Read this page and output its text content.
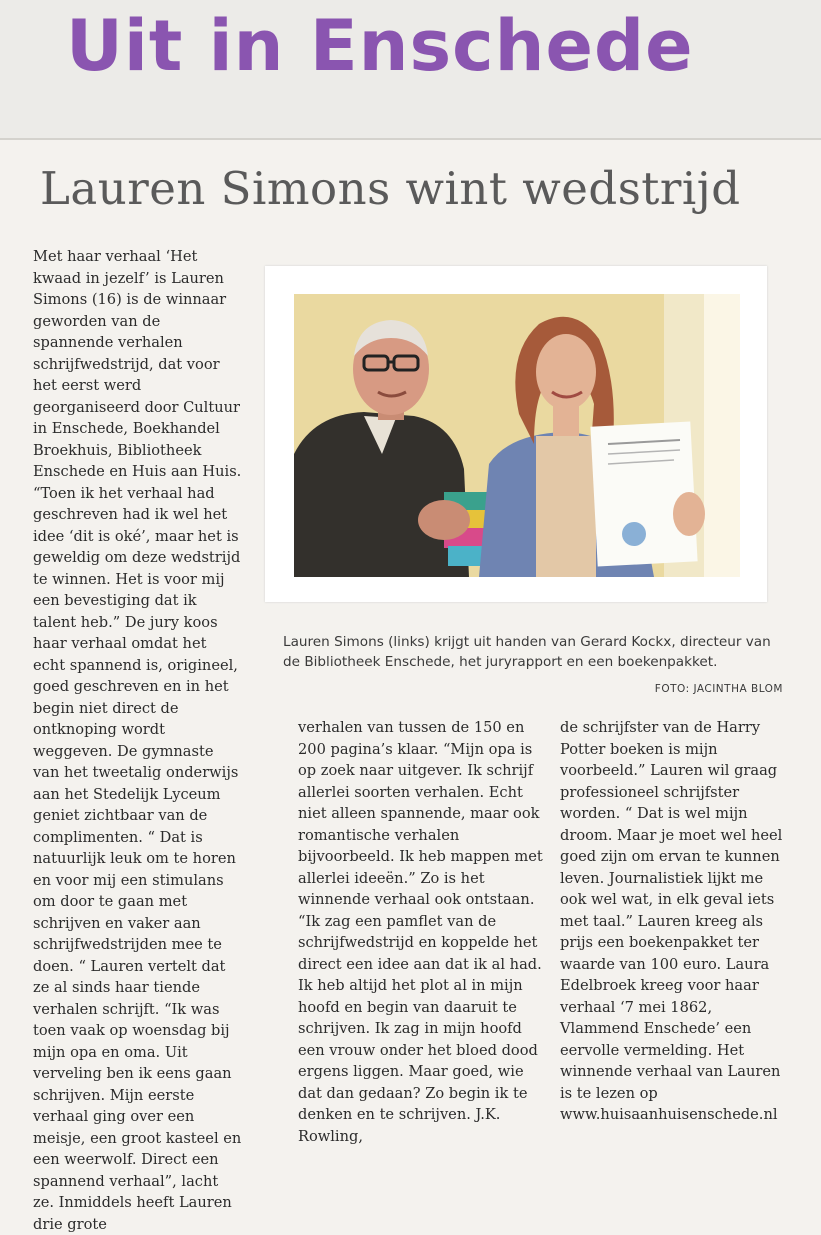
Uit in Enschede
Lauren Simons wint wedstrijd

Met haar verhaal ‘Het kwaad in jezelf’ is Lauren Simons (16) is de winnaar geworden van de spannende verhalen schrijfwedstrijd, dat voor het eerst werd georganiseerd door Cultuur in Enschede, Boekhandel Broekhuis, Bibliotheek Enschede en Huis aan Huis. “Toen ik het verhaal had geschreven had ik wel het idee ‘dit is oké’, maar het is geweldig om deze wedstrijd te winnen. Het is voor mij een bevestiging dat ik talent heb.” De jury koos haar verhaal omdat het echt spannend is, origineel, goed geschreven en in het begin niet direct de ontknoping wordt weggeven. De gymnaste van het tweetalig onderwijs aan het Stedelijk Lyceum geniet zichtbaar van de complimenten. “ Dat is natuurlijk leuk om te horen en voor mij een stimulans om door te gaan met schrijven en vaker aan schrijfwedstrijden mee te doen. “ Lauren vertelt dat ze al sinds haar tiende verhalen schrijft. “Ik was toen vaak op woensdag bij mijn opa en oma. Uit verveling ben ik eens gaan schrijven. Mijn eerste verhaal ging over een meisje, een groot kasteel en een weerwolf. Direct een spannend verhaal”, lacht ze. Inmiddels heeft Lauren drie grote

Lauren Simons (links) krijgt uit handen van Gerard Kockx, directeur van de Bibliotheek Enschede, het juryrapport en een boekenpakket.

FOTO: JACINTHA BLOM

verhalen van tussen de 150 en 200 pagina’s klaar. “Mijn opa is op zoek naar uitgever. Ik schrijf allerlei soorten verhalen. Echt niet alleen spannende, maar ook romantische verhalen bijvoorbeeld. Ik heb mappen met allerlei ideeën.” Zo is het winnende verhaal ook ontstaan. “Ik zag een pamflet van de schrijfwedstrijd en koppelde het direct een idee aan dat ik al had. Ik heb altijd het plot al in mijn hoofd en begin van daaruit te schrijven. Ik zag in mijn hoofd een vrouw onder het bloed dood ergens liggen. Maar goed, wie dat dan gedaan? Zo begin ik te denken en te schrijven. J.K. Rowling,

de schrijfster van de Harry Potter boeken is mijn voorbeeld.” Lauren wil graag professioneel schrijfster worden. “ Dat is wel mijn droom. Maar je moet wel heel goed zijn om ervan te kunnen leven. Journalistiek lijkt me ook wel wat, in elk geval iets met taal.” Lauren kreeg als prijs een boekenpakket ter waarde van 100 euro. Laura Edelbroek kreeg voor haar verhaal ‘7 mei 1862, Vlammend Enschede’ een eervolle vermelding. Het winnende verhaal van Lauren is te lezen op www.huisaanhuisenschede.nl
